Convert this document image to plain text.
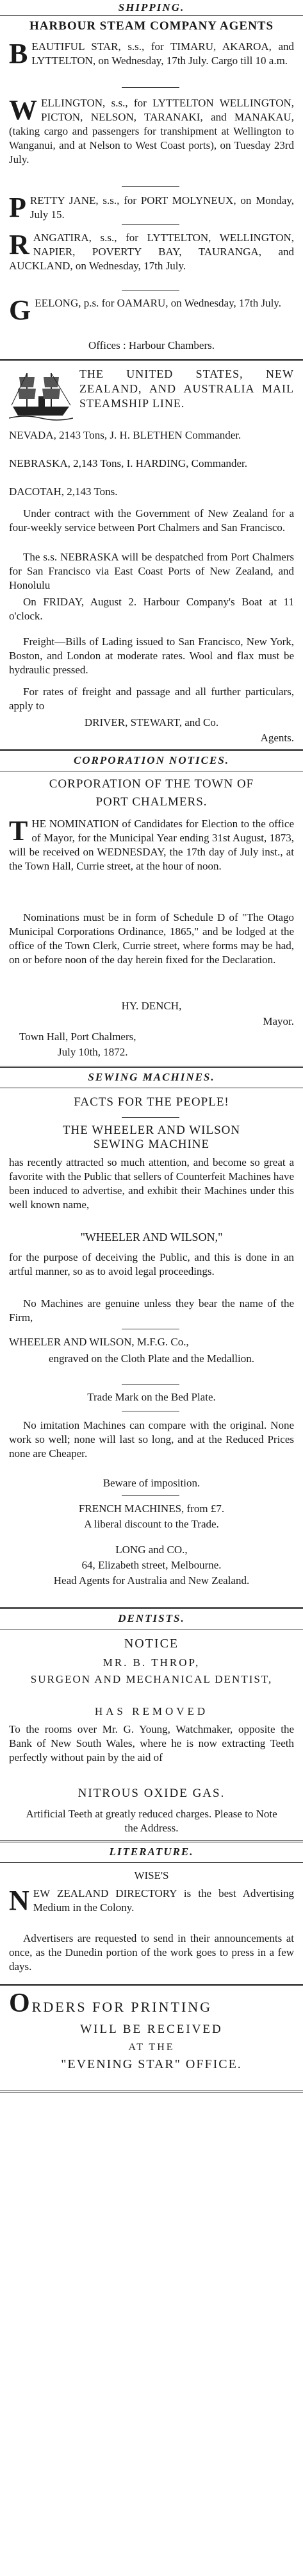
SHIPPING.
HARBOUR STEAM COMPANY AGENTS
BEAUTIFUL STAR, s.s., for TIMARU, AKAROA, and LYTTELTON, on Wednesday, 17th July. Cargo till 10 a.m.
WELLINGTON, s.s., for LYTTELTON WELLINGTON, PICTON, NELSON, TARANAKI, and MANAKAU, (taking cargo and passengers for transhipment at Wellington to Wanganui, and at Nelson to West Coast ports), on Tuesday 23rd July.
PRETTY JANE, s.s., for PORT MOLYNEUX, on Monday, July 15.
RANGATIRA, s.s., for LYTTELTON, WELLINGTON, NAPIER, POVERTY BAY, TAURANGA, and AUCKLAND, on Wednesday, 17th July.
GEELONG, p.s. for OAMARU, on Wednesday, 17th July.
Offices : Harbour Chambers.
THE UNITED STATES, NEW ZEALAND, AND AUSTRALIA MAIL STEAMSHIP LINE.
NEVADA, 2143 Tons, J. H. BLETHEN Commander.
NEBRASKA, 2,143 Tons, I. HARDING, Commander.
DACOTAH, 2,143 Tons.
Under contract with the Government of New Zealand for a four-weekly service between Port Chalmers and San Francisco.
The s.s. NEBRASKA will be despatched from Port Chalmers for San Francisco via East Coast Ports of New Zealand, and Honolulu
On FRIDAY, August 2. Harbour Company's Boat at 11 o'clock.
Freight—Bills of Lading issued to San Francisco, New York, Boston, and London at moderate rates. Wool and flax must be hydraulic pressed.
For rates of freight and passage and all further particulars, apply to
DRIVER, STEWART, and Co.
Agents.
CORPORATION NOTICES.
CORPORATION OF THE TOWN OF
PORT CHALMERS.
THE NOMINATION of Candidates for Election to the office of Mayor, for the Municipal Year ending 31st August, 1873, will be received on WEDNESDAY, the 17th day of July inst., at the Town Hall, Currie street, at the hour of noon.
Nominations must be in form of Schedule D of "The Otago Municipal Corporations Ordinance, 1865," and be lodged at the office of the Town Clerk, Currie street, where forms may be had, on or before noon of the day herein fixed for the Declaration.
HY. DENCH,
Mayor.
Town Hall, Port Chalmers,
July 10th, 1872.
SEWING MACHINES.
FACTS FOR THE PEOPLE!
THE WHEELER AND WILSON SEWING MACHINE
has recently attracted so much attention, and become so great a favorite with the Public that sellers of Counterfeit Machines have been induced to advertise, and exhibit their Machines under this well known name,
"WHEELER AND WILSON,"
for the purpose of deceiving the Public, and this is done in an artful manner, so as to avoid legal proceedings.
No Machines are genuine unless they bear the name of the Firm,
WHEELER AND WILSON, M.F.G. Co.,
engraved on the Cloth Plate and the Medallion.
Trade Mark on the Bed Plate.
No imitation Machines can compare with the original. None work so well; none will last so long, and at the Reduced Prices none are Cheaper.
Beware of imposition.
FRENCH MACHINES, from £7.
A liberal discount to the Trade.
LONG and CO.,
64, Elizabeth street, Melbourne.
Head Agents for Australia and New Zealand.
DENTISTS.
NOTICE
MR. B. THROP,
SURGEON AND MECHANICAL DENTIST,
HAS REMOVED
To the rooms over Mr. G. Young, Watchmaker, opposite the Bank of New South Wales, where he is now extracting Teeth perfectly without pain by the aid of
NITROUS OXIDE GAS.
Artificial Teeth at greatly reduced charges. Please to Note the Address.
LITERATURE.
WISE'S
NEW ZEALAND DIRECTORY is the best Advertising Medium in the Colony.
Advertisers are requested to send in their announcements at once, as the Dunedin portion of the work goes to press in a few days.
ORDERS FOR PRINTING
WILL BE RECEIVED
AT THE
"EVENING STAR" OFFICE.
